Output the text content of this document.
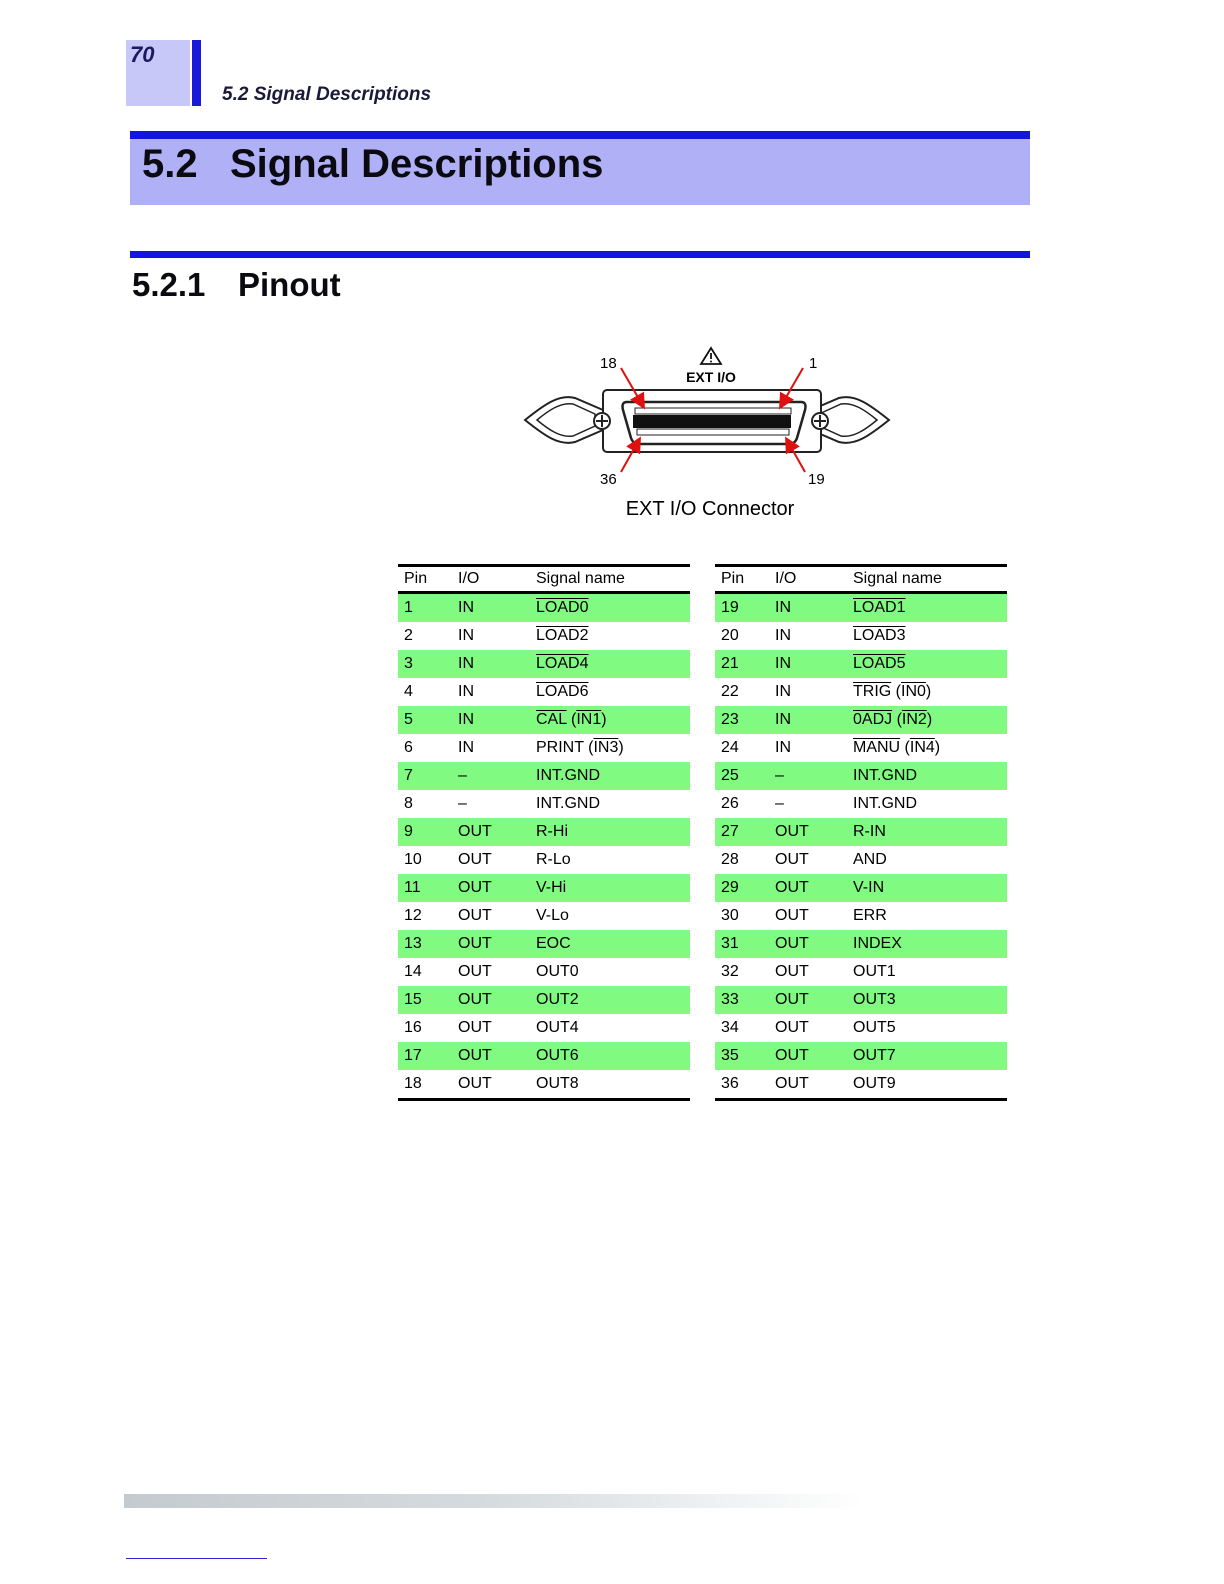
70
5.2 Signal Descriptions
5.2 Signal Descriptions
5.2.1 Pinout
EXT I/O
18	1
36	19
EXT I/O Connector
Pin	I/O	Signal name
1	IN	LOAD0
2	IN	LOAD2
3	IN	LOAD4
4	IN	LOAD6
5	IN	$\overline{CAL}$ (IN1)
6	IN	PRINT (IN3)
7	–	INT.GND
8	–	INT.GND
9	OUT	R-Hi
10	OUT	R-Lo
11	OUT	V-Hi
12	OUT	V-Lo
13	OUT	EOC
14	OUT	OUT0
15	OUT	OUT2
16	OUT	OUT4
17	OUT	OUT6
18	OUT	OUT8
Pin	I/O	Signal name
19	IN	LOAD1
20	IN	LOAD3
21	IN	LOAD5
22	IN	TRIG (IN0)
23	IN	0ADJ (IN2)
24	IN	MANU (IN4)
25	–	INT.GND
26	–	INT.GND
27	OUT	R-IN
28	OUT	AND
29	OUT	V-IN
30	OUT	ERR
31	OUT	INDEX
32	OUT	OUT1
33	OUT	OUT3
34	OUT	OUT5
35	OUT	OUT7
36	OUT	OUT9
